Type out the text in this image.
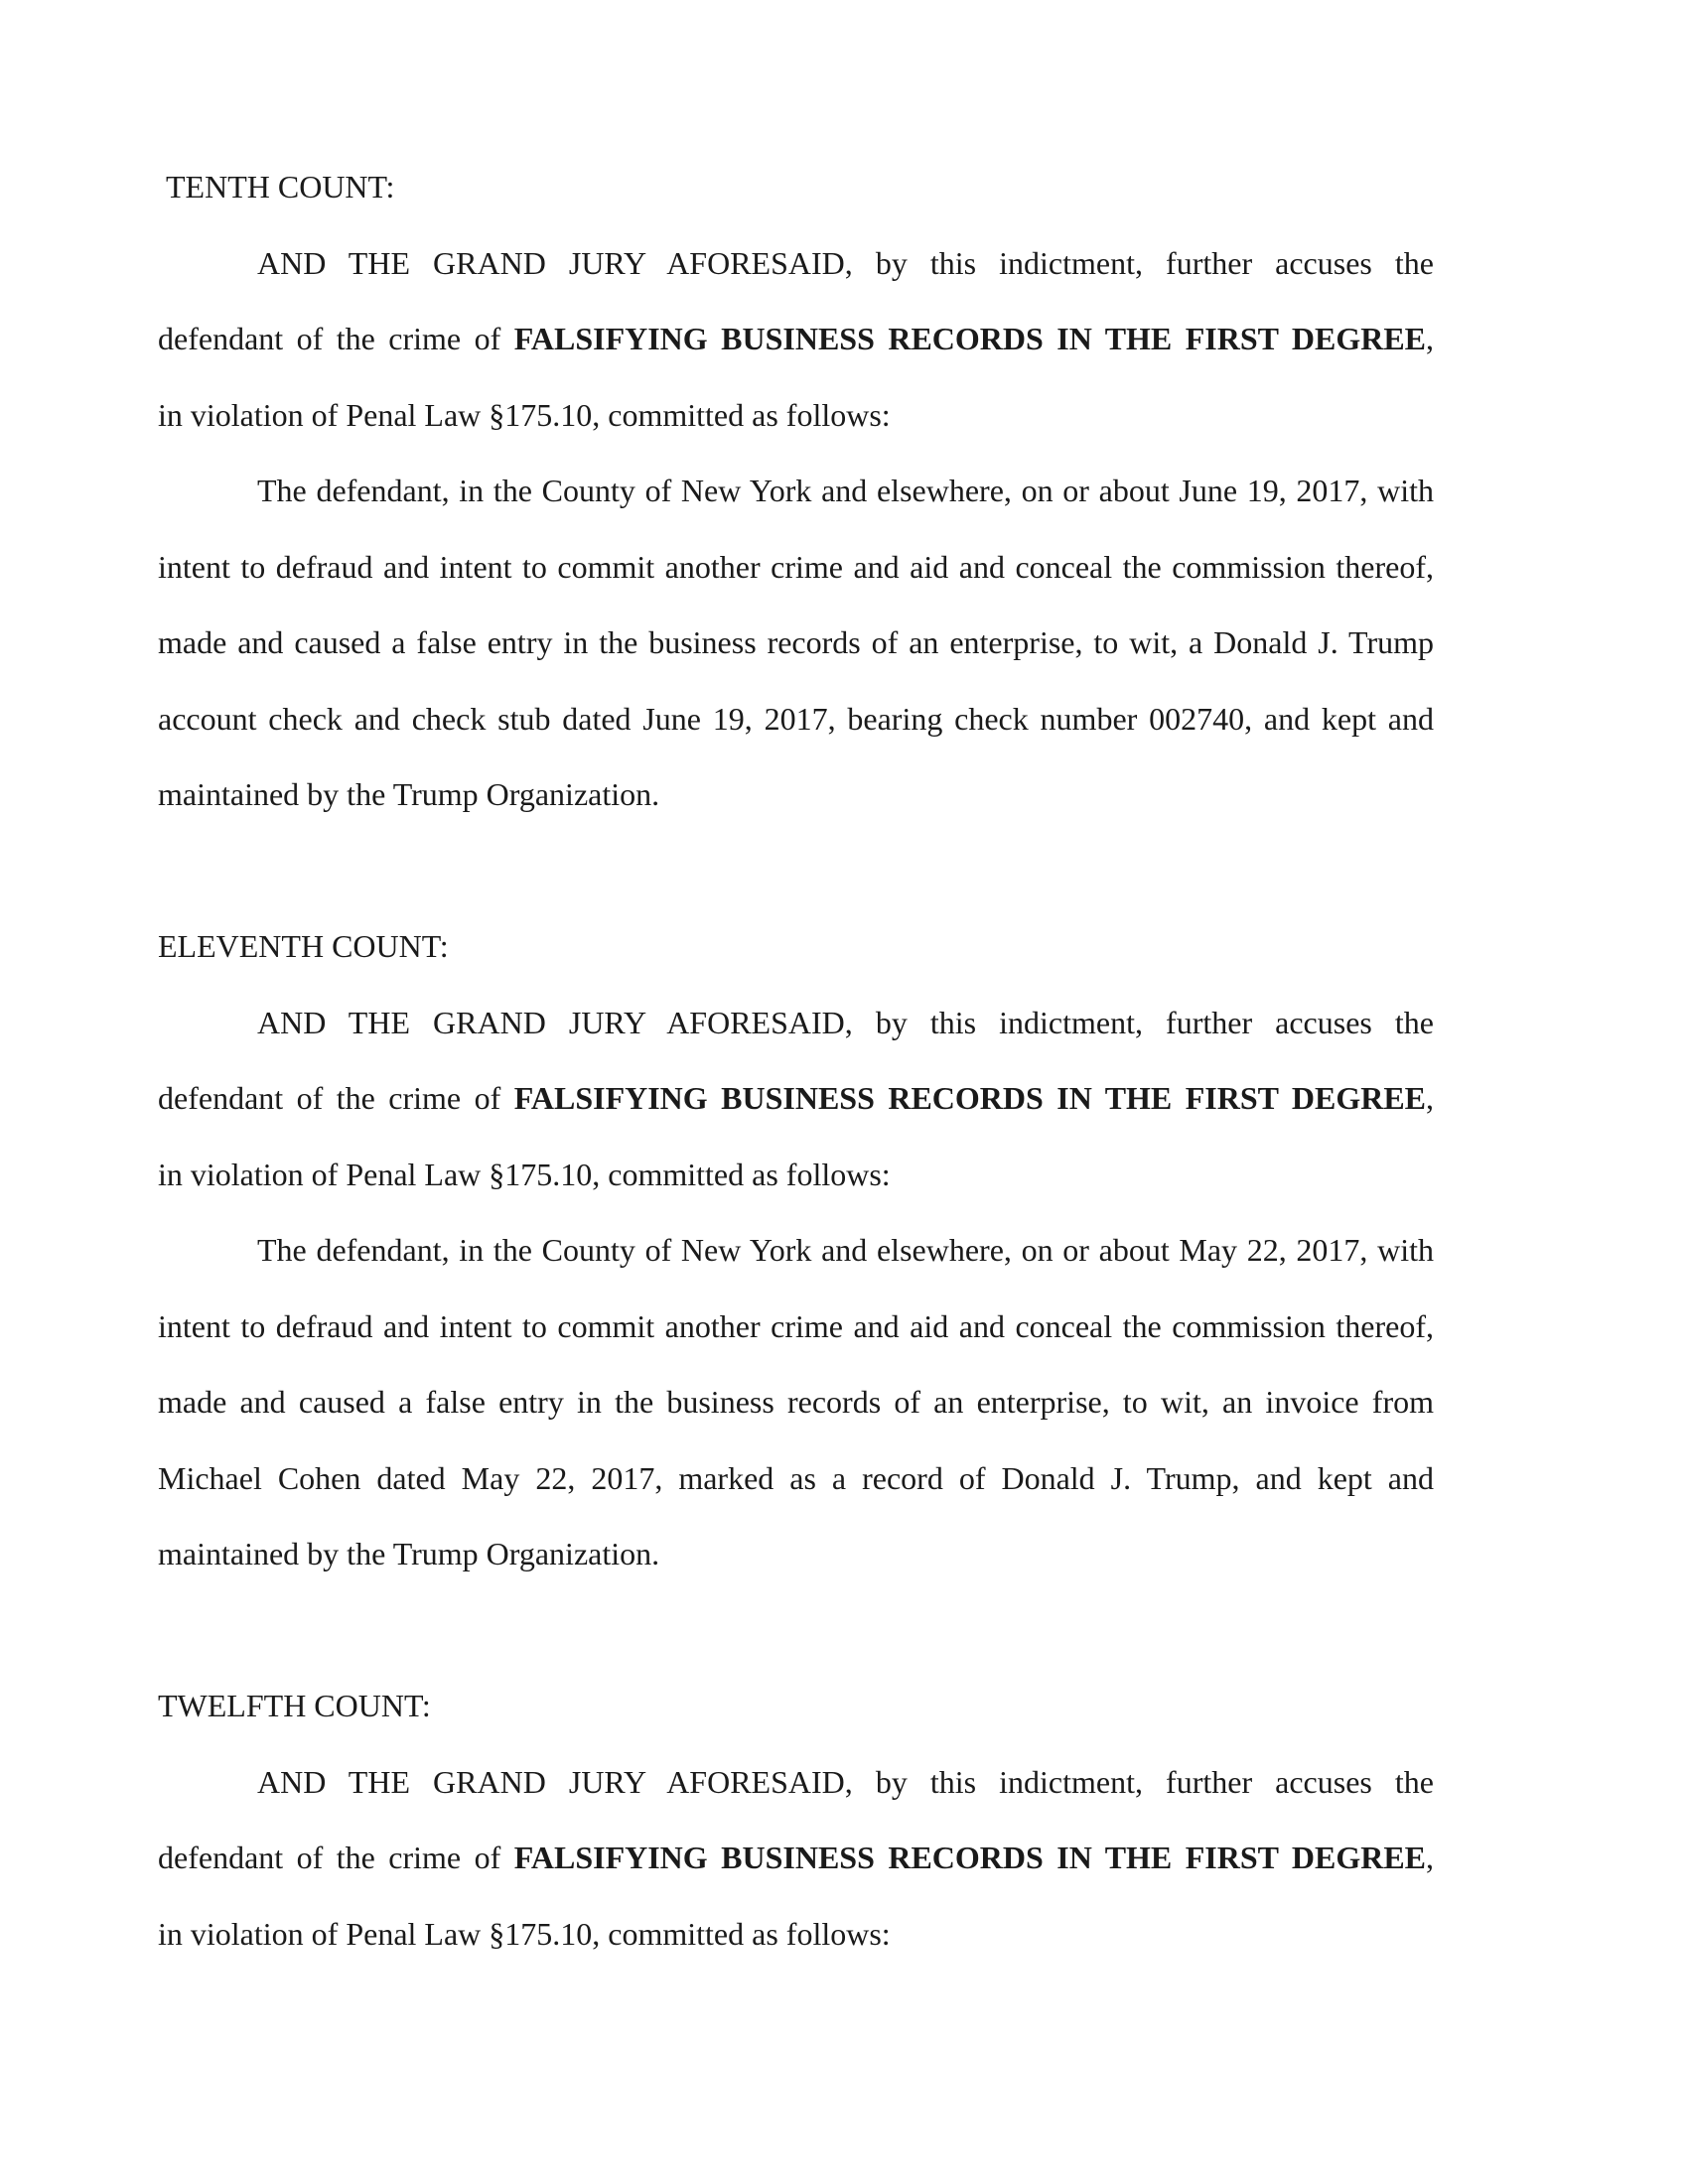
TENTH COUNT:

AND THE GRAND JURY AFORESAID, by this indictment, further accuses the

defendant of the crime of FALSIFYING BUSINESS RECORDS IN THE FIRST DEGREE,

in violation of Penal Law §175.10, committed as follows:

The defendant, in the County of New York and elsewhere, on or about June 19, 2017, with

intent to defraud and intent to commit another crime and aid and conceal the commission thereof,

made and caused a false entry in the business records of an enterprise, to wit, a Donald J. Trump

account check and check stub dated June 19, 2017, bearing check number 002740, and kept and

maintained by the Trump Organization.

ELEVENTH COUNT:

AND THE GRAND JURY AFORESAID, by this indictment, further accuses the

defendant of the crime of FALSIFYING BUSINESS RECORDS IN THE FIRST DEGREE,

in violation of Penal Law §175.10, committed as follows:

The defendant, in the County of New York and elsewhere, on or about May 22, 2017, with

intent to defraud and intent to commit another crime and aid and conceal the commission thereof,

made and caused a false entry in the business records of an enterprise, to wit, an invoice from

Michael Cohen dated May 22, 2017, marked as a record of Donald J. Trump, and kept and

maintained by the Trump Organization.

TWELFTH COUNT:

AND THE GRAND JURY AFORESAID, by this indictment, further accuses the

defendant of the crime of FALSIFYING BUSINESS RECORDS IN THE FIRST DEGREE,

in violation of Penal Law §175.10, committed as follows:
